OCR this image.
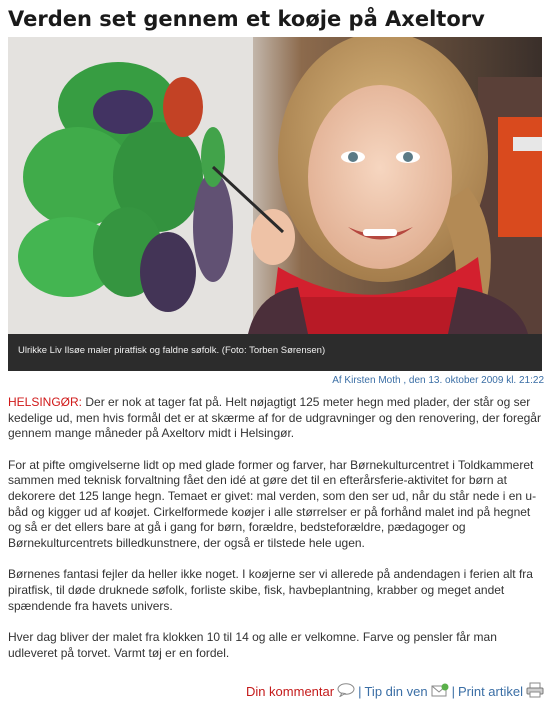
Verden set gennem et koøje på Axeltorv
Ulrikke Liv Ilsøe maler piratfisk og faldne søfolk. (Foto: Torben Sørensen)
Af Kirsten Moth , den 13. oktober 2009 kl. 21:22

HELSINGØR: Der er nok at tager fat på. Helt nøjagtigt 125 meter hegn med plader, der står og ser kedelige ud, men hvis formål det er at skærme af for de udgravninger og den renovering, der foregår gennem mange måneder på Axeltorv midt i Helsingør.

For at pifte omgivelserne lidt op med glade former og farver, har Børnekulturcentret i Toldkammeret sammen med teknisk forvaltning fået den idé at gøre det til en efterårsferie-aktivitet for børn at dekorere det 125 lange hegn. Temaet er givet: mal verden, som den ser ud, når du står nede i en u-båd og kigger ud af koøjet. Cirkelformede koøjer i alle størrelser er på forhånd malet ind på hegnet og så er det ellers bare at gå i gang for børn, forældre, bedsteforældre, pædagoger og Børnekulturcentrets billedkunstnere, der også er tilstede hele ugen.

Børnenes fantasi fejler da heller ikke noget. I koøjerne ser vi allerede på andendagen i ferien alt fra piratfisk, til døde druknede søfolk, forliste skibe, fisk, havbeplantning, krabber og meget andet spændende fra havets univers.

Hver dag bliver der malet fra klokken 10 til 14 og alle er velkomne. Farve og pensler får man udleveret på torvet. Varmt tøj er en fordel.

Din kommentar | Tip din ven | Print artikel
